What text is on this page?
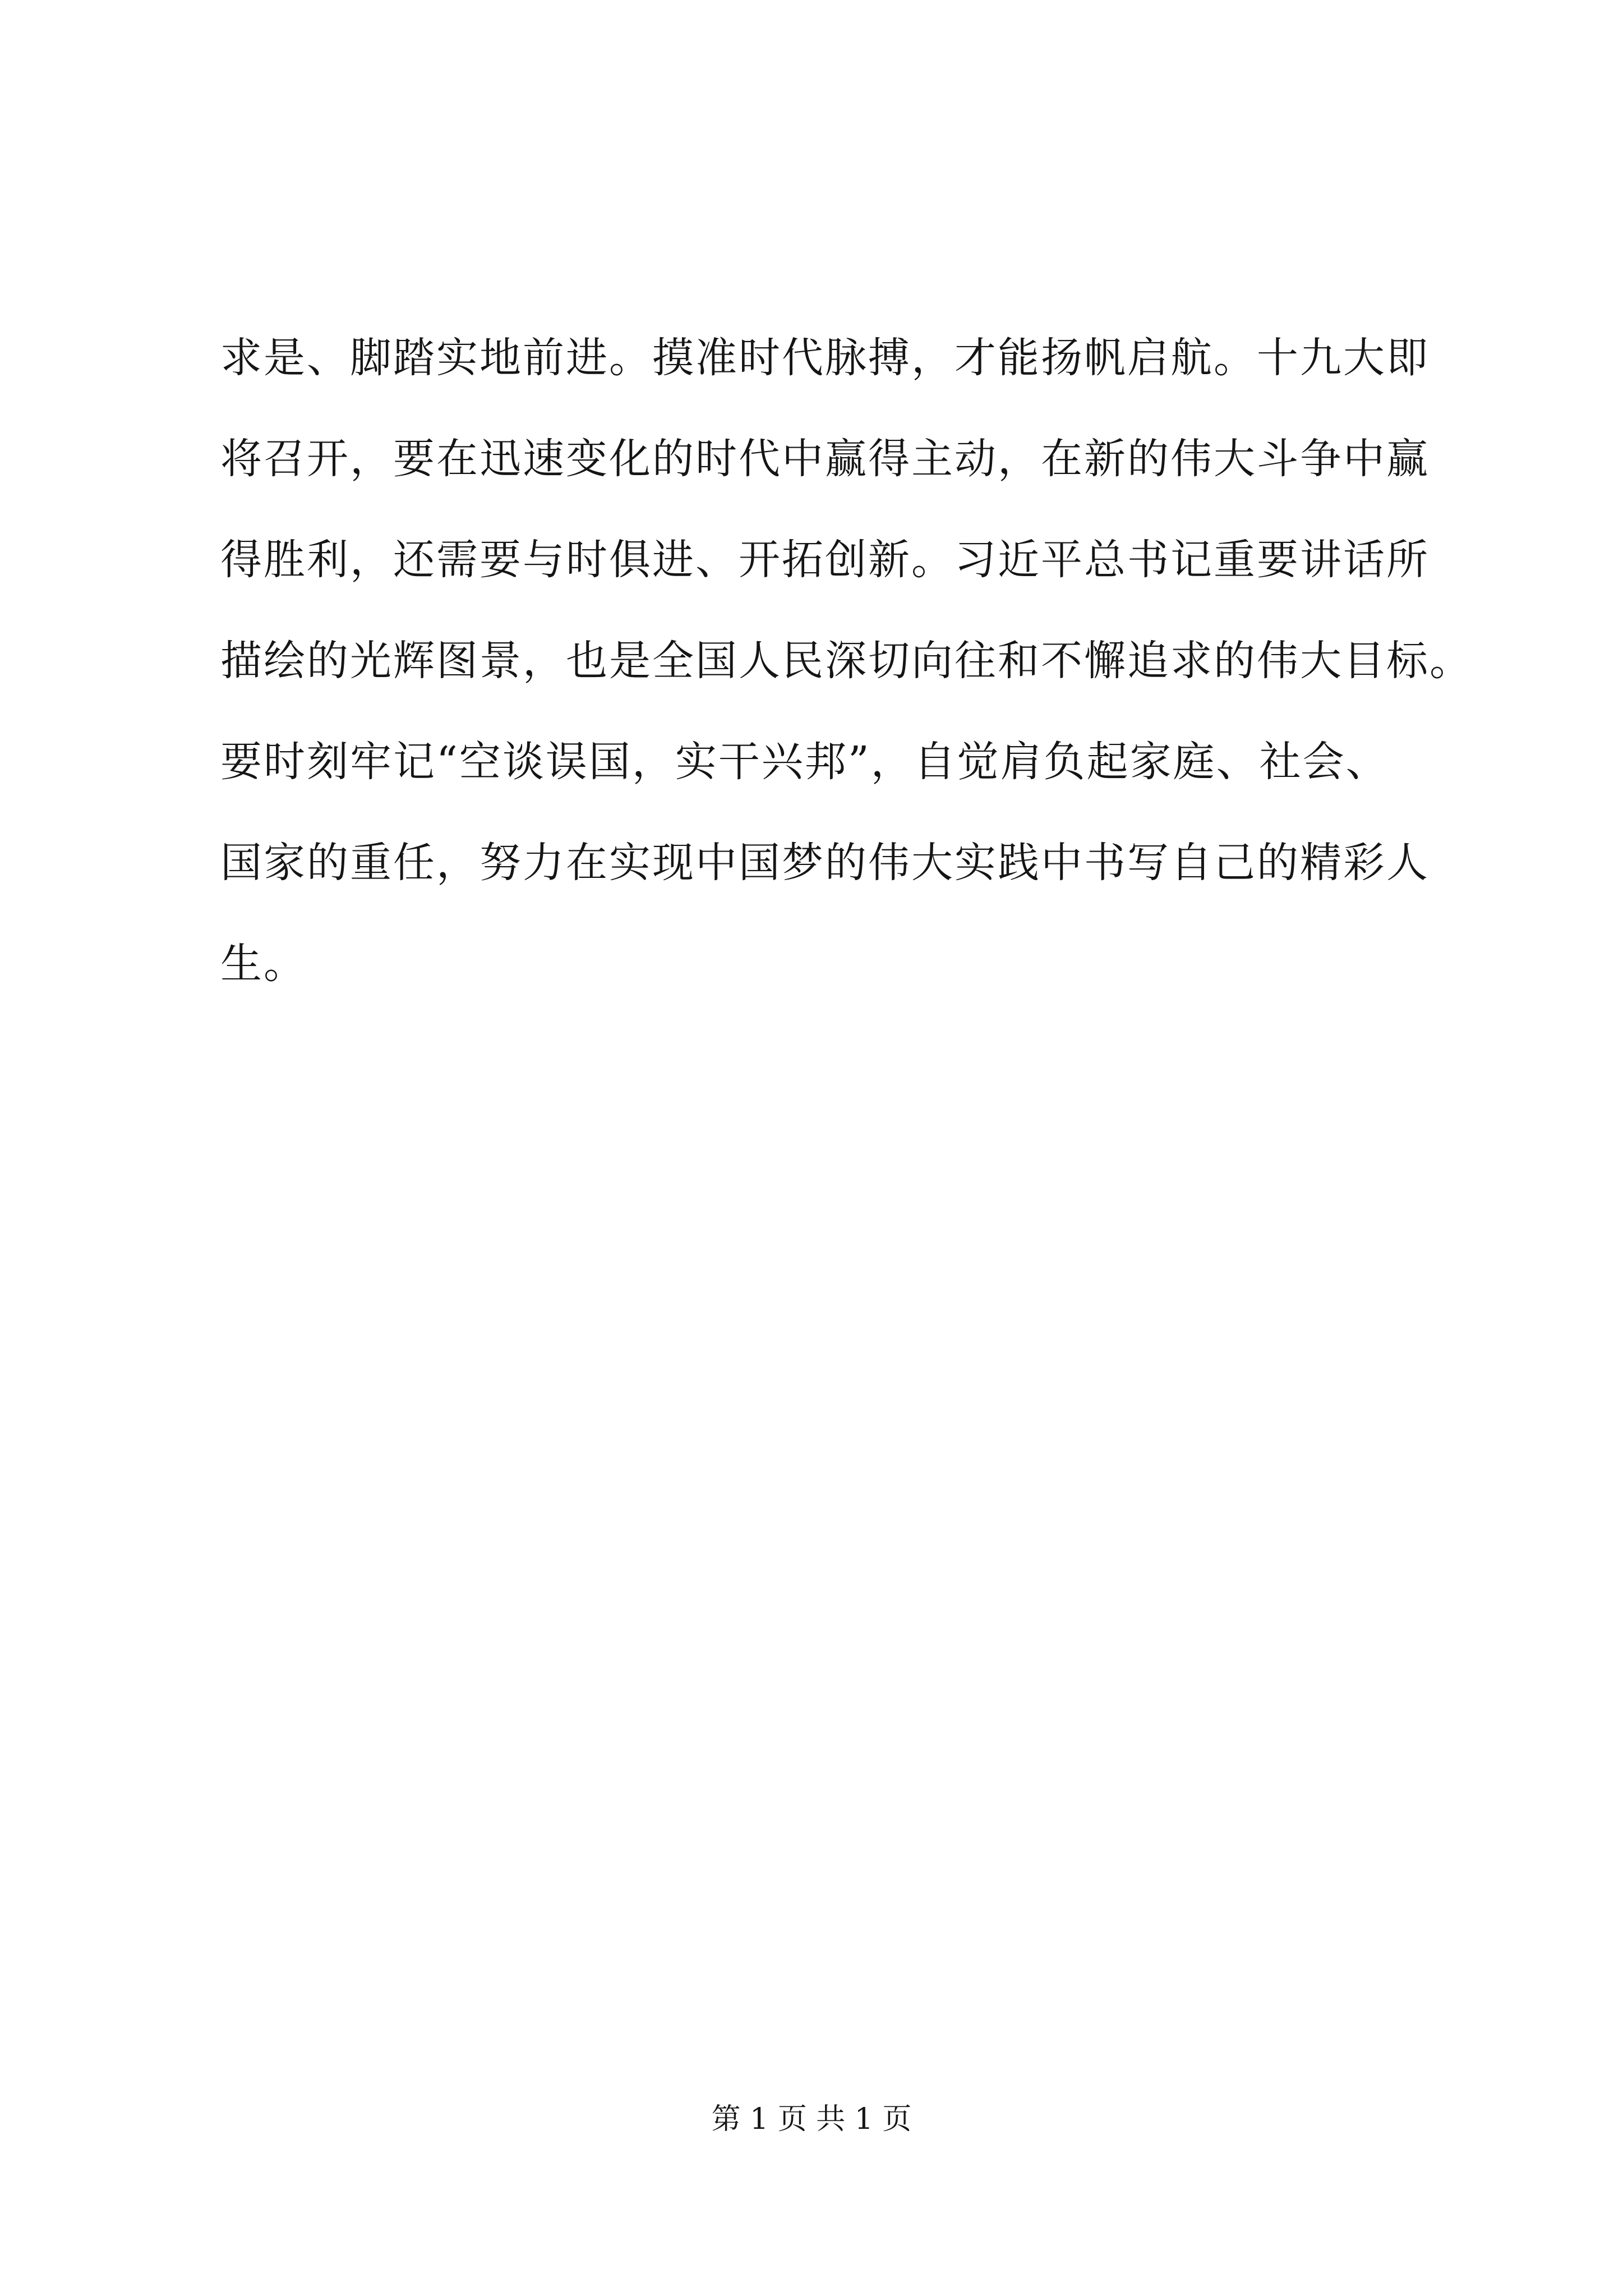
求是、脚踏实地前进。摸准时代脉搏，才能扬帆启航。十九大即
将召开，要在迅速变化的时代中赢得主动，在新的伟大斗争中赢
得胜利，还需要与时俱进、开拓创新。习近平总书记重要讲话所
描绘的光辉图景，也是全国人民深切向往和不懈追求的伟大目标。
要时刻牢记“空谈误国，实干兴邦”，自觉肩负起家庭、社会、
国家的重任，努力在实现中国梦的伟大实践中书写自己的精彩人
生。
第 1 页 共 1 页
